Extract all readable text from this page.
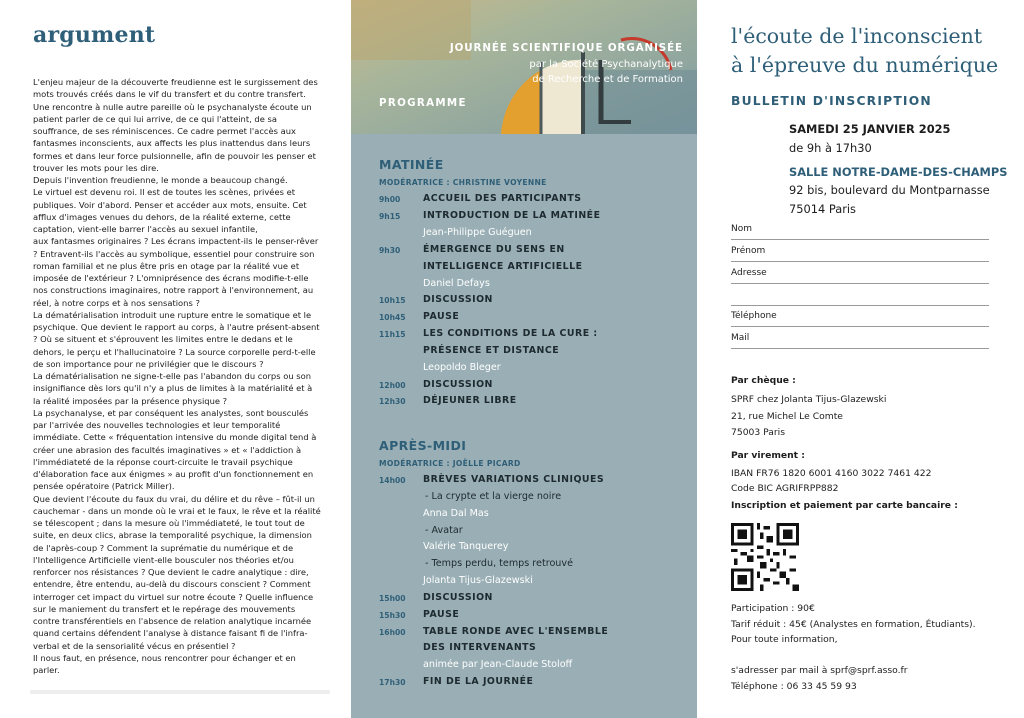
argument

L'enjeu majeur de la découverte freudienne est le surgissement des mots trouvés créés dans le vif du transfert et du contre transfert. Une rencontre à nulle autre pareille où le psychanalyste écoute un patient parler de ce qui lui arrive, de ce qui l'atteint, de sa souffrance, de ses réminiscences. Ce cadre permet l'accès aux fantasmes inconscients, aux affects les plus inattendus dans leurs formes et dans leur force pulsionnelle, afin de pouvoir les penser et trouver les mots pour les dire.

Depuis l'invention freudienne, le monde a beaucoup changé.

Le virtuel est devenu roi. Il est de toutes les scènes, privées et publiques. Voir d'abord. Penser et accéder aux mots, ensuite. Cet afflux d'images venues du dehors, de la réalité externe, cette captation, vient-elle barrer l'accès au sexuel infantile,

aux fantasmes originaires ? Les écrans impactent-ils le penser-rêver ? Entravent-ils l'accès au symbolique, essentiel pour construire son roman familial et ne plus être pris en otage par la réalité vue et imposée de l'extérieur ? L'omniprésence des écrans modifie-t-elle nos constructions imaginaires, notre rapport à l'environnement, au réel, à notre corps et à nos sensations ?

La dématérialisation introduit une rupture entre le somatique et le psychique. Que devient le rapport au corps, à l'autre présent-absent ? Où se situent et s'éprouvent les limites entre le dedans et le dehors, le perçu et l'hallucinatoire ? La source corporelle perd-t-elle de son importance pour ne privilégier que le discours ?

La dématérialisation ne signe-t-elle pas l'abandon du corps ou son insignifiance dès lors qu'il n'y a plus de limites à la matérialité et à la réalité imposées par la présence physique ?

La psychanalyse, et par conséquent les analystes, sont bousculés par l'arrivée des nouvelles technologies et leur temporalité immédiate. Cette « fréquentation intensive du monde digital tend à créer une abrasion des facultés imaginatives » et « l'addiction à l'immédiateté de la réponse court-circuite le travail psychique d'élaboration face aux énigmes » au profit d'un fonctionnement en pensée opératoire (Patrick Miller).

Que devient l'écoute du faux du vrai, du délire et du rêve – fût-il un cauchemar - dans un monde où le vrai et le faux, le rêve et la réalité se télescopent ; dans la mesure où l'immédiateté, le tout tout de suite, en deux clics, abrase la temporalité psychique, la dimension de l'après-coup ? Comment la suprématie du numérique et de l'Intelligence Artificielle vient-elle bousculer nos théories et/ou renforcer nos résistances ? Que devient le cadre analytique : dire, entendre, être entendu, au-delà du discours conscient ? Comment interroger cet impact du virtuel sur notre écoute ? Quelle influence sur le maniement du transfert et le repérage des mouvements contre transférentiels en l'absence de relation analytique incarnée quand certains défendent l'analyse à distance faisant fi de l'infra-verbal et de la sensorialité vécus en présentiel ?

Il nous faut, en présence, nous rencontrer pour échanger et en parler.

JOURNÉE SCIENTIFIQUE ORGANISÉE
par la Société Psychanalytique
de Recherche et de Formation
PROGRAMME
MATINÉE
MODÉRATRICE : CHRISTINE VOYENNE
9h00 ACCUEIL DES PARTICIPANTS
9h15 INTRODUCTION DE LA MATINÉE
Jean-Philippe Guéguen
9h30 ÉMERGENCE DU SENS EN
INTELLIGENCE ARTIFICIELLE
Daniel Defays
10h15 DISCUSSION
10h45 PAUSE
11h15 LES CONDITIONS DE LA CURE :
PRÉSENCE ET DISTANCE
Leopoldo Bleger
12h00 DISCUSSION
12h30 DÉJEUNER LIBRE
APRÈS-MIDI
MODÉRATRICE : JOËLLE PICARD
14h00 BRÈVES VARIATIONS CLINIQUES
- La crypte et la vierge noire
Anna Dal Mas
- Avatar
Valérie Tanquerey
- Temps perdu, temps retrouvé
Jolanta Tijus-Glazewski
15h00 DISCUSSION
15h30 PAUSE
16h00 TABLE RONDE AVEC L'ENSEMBLE
DES INTERVENANTS
animée par Jean-Claude Stoloff
17h30 FIN DE LA JOURNÉE
l'écoute de l'inconscient
à l'épreuve du numérique
BULLETIN D'INSCRIPTION
SAMEDI 25 JANVIER 2025
de 9h à 17h30
SALLE NOTRE-DAME-DES-CHAMPS
92 bis, boulevard du Montparnasse
75014 Paris
Nom
Prénom
Adresse
Téléphone
Mail
Par chèque :
SPRF chez Jolanta Tijus-Glazewski
21, rue Michel Le Comte
75003 Paris
Par virement :
IBAN FR76 1820 6001 4160 3022 7461 422
Code BIC AGRIFRPP882
Inscription et paiement par carte bancaire :
Participation : 90€
Tarif réduit : 45€ (Analystes en formation, Étudiants).
Pour toute information,
s'adresser par mail à sprf@sprf.asso.fr
Téléphone : 06 33 45 59 93
